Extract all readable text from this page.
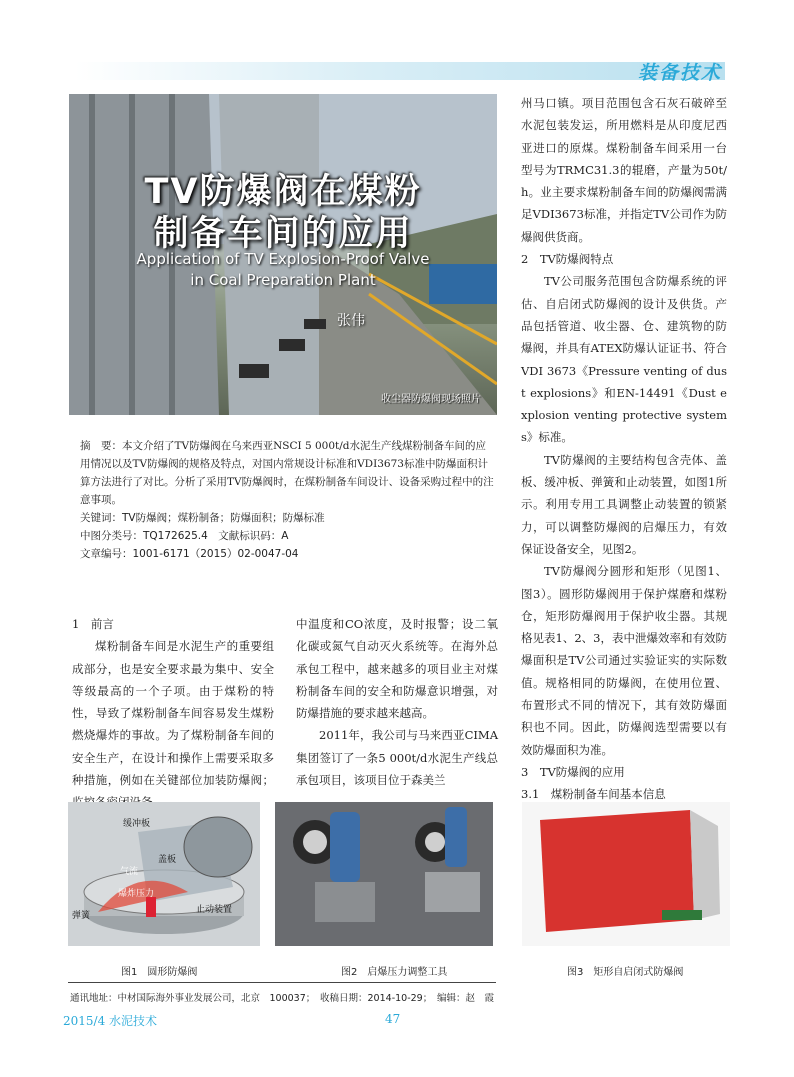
装备技术
TV防爆阀在煤粉
制备车间的应用
Application of TV Explosion-Proof Valve
in Coal Preparation Plant
张伟
收尘器防爆阀现场照片

摘　要：本文介绍了TV防爆阀在乌来西亚NSCI 5 000t/d水泥生产线煤粉制备车间的应用情况以及TV防爆阀的规格及特点，对国内常规设计标准和VDI3673标准中防爆面积计算方法进行了对比。分析了采用TV防爆阀时，在煤粉制备车间设计、设备采购过程中的注意事项。

关键词：TV防爆阀；煤粉制备；防爆面积；防爆标准

中图分类号：TQ172625.4　文献标识码：A

文章编号：1001-6171（2015）02-0047-04

1　前言

煤粉制备车间是水泥生产的重要组成部分，也是安全要求最为集中、安全等级最高的一个子项。由于煤粉的特性，导致了煤粉制备车间容易发生煤粉燃烧爆炸的事故。为了煤粉制备车间的安全生产，在设计和操作上需要采取多种措施，例如在关键部位加装防爆阀；

中温度和CO浓度，及时报警；设二氧化碳或氮气自动灭火系统等。在海外总承包工程中，越来越多的项目业主对煤粉制备车间的安全和防爆意识增强，对防爆措施的要求越来越高。

2011年，我公司与马来西亚CIMA集团签订了一条5 000t/d水泥生产线总承包项目，该项目位于森美兰

州马口镇。项目范围包含石灰石破碎至水泥包装发运，所用燃料是从印度尼西亚进口的原煤。煤粉制备车间采用一台型号为TRMC31.3的辊磨，产量为50t/h。业主要求煤粉制备车间的防爆阀需满足VDI3673标准，并指定TV公司作为防爆阀供货商。

2　TV防爆阀特点

TV公司服务范围包含防爆系统的评估、自启闭式防爆阀的设计及供货。产品包括管道、收尘器、仓、建筑物的防爆阀，并具有ATEX防爆认证证书、符合VDI 3673《Pressure venting of dust explosions》和EN-14491《Dust explosion venting protective systems》标准。

TV防爆阀的主要结构包含壳体、盖板、缓冲板、弹簧和止动装置，如图1所示。利用专用工具调整止动装置的锁紧力，可以调整防爆阀的启爆压力，有效保证设备安全，见图2。

TV防爆阀分圆形和矩形（见图1、图3）。圆形防爆阀用于保护煤磨和煤粉仓，矩形防爆阀用于保护收尘器。其规格见表1、2、3，表中泄爆效率和有效防爆面积是TV公司通过实验证实的实际数值。规格相同的防爆阀，在使用位置、布置形式不同的情况下，其有效防爆面积也不同。因此，防爆阀选型需要以有效防爆面积为准。

3　TV防爆阀的应用

3.1　煤粉制备车间基本信息

缓冲板
盖板
气流
爆炸压力
止动装置
弹簧
图1　圆形防爆阀	图2　启爆压力调整工具	图3　矩形自启闭式防爆阀
通讯地址：中材国际海外事业发展公司，北京　100037；　收稿日期：2014-10-29；　编辑：赵　霞
2015/4 水泥技术	47
